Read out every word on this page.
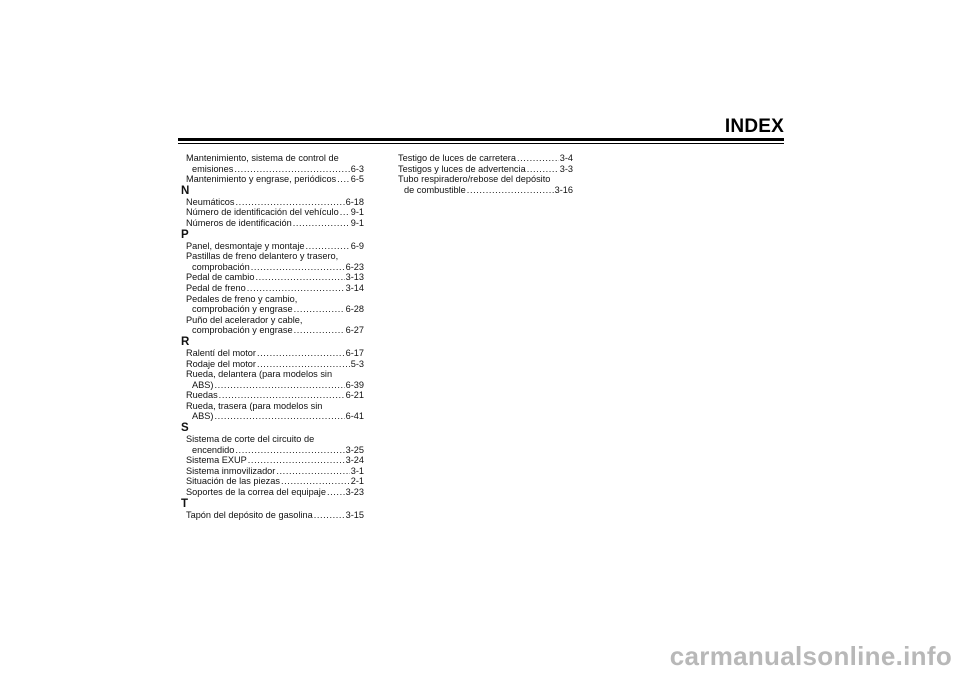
INDEX
Mantenimiento, sistema de control de
emisiones .....	6-3
Mantenimiento y engrase, periódicos ..... 6-5
N
Neumáticos .....	6-18
Número de identificación del vehículo ..... 9-1
Números de identificación .....	9-1
P
Panel, desmontaje y montaje .....	6-9
Pastillas de freno delantero y trasero,
comprobación .....	6-23
Pedal de cambio .....	3-13
Pedal de freno .....	3-14
Pedales de freno y cambio,
comprobación y engrase .....	6-28
Puño del acelerador y cable,
comprobación y engrase .....	6-27
R
Ralentí del motor .....	6-17
Rodaje del motor .....	5-3
Rueda, delantera (para modelos sin
ABS) .....	6-39
Ruedas .....	6-21
Rueda, trasera (para modelos sin
ABS) .....	6-41
S
Sistema de corte del circuito de
encendido .....	3-25
Sistema EXUP .....	3-24
Sistema inmovilizador .....	3-1
Situación de las piezas .....	2-1
Soportes de la correa del equipaje ..... 3-23
T
Tapón del depósito de gasolina .....	3-15
Testigo de luces de carretera .....	3-4
Testigos y luces de advertencia .....	3-3
Tubo respiradero/rebose del depósito
de combustible .....	3-16
carmanualsonline.info
